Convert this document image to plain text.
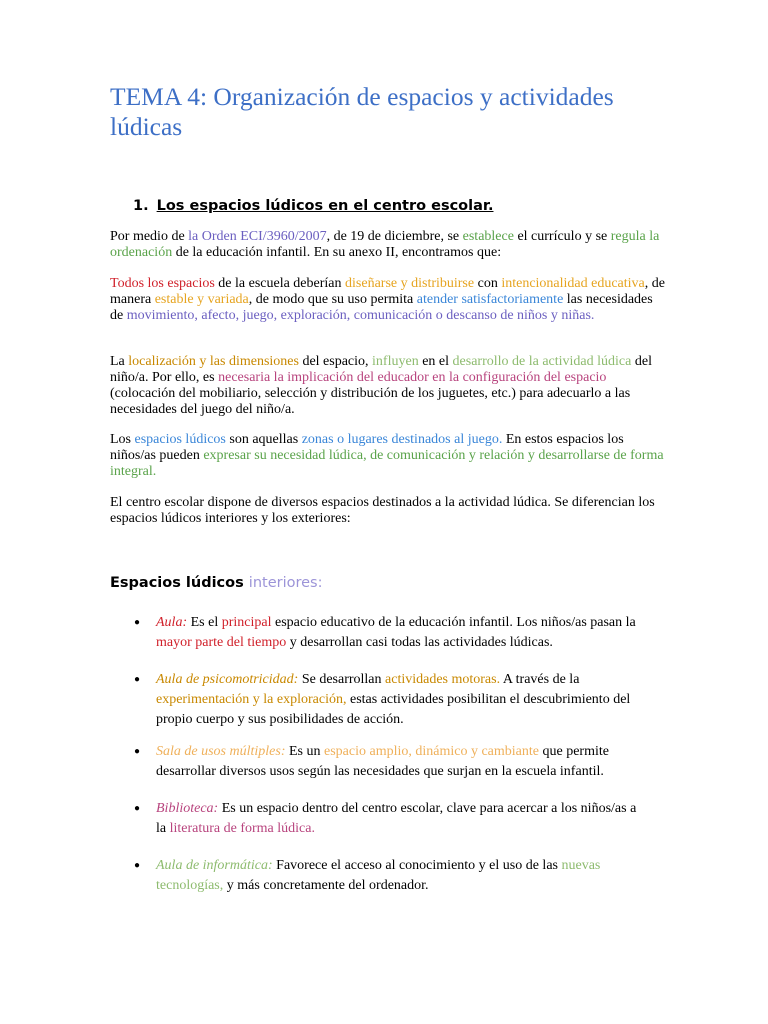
TEMA 4: Organización de espacios y actividades lúdicas
1. Los espacios lúdicos en el centro escolar.

Por medio de la Orden ECI/3960/2007, de 19 de diciembre, se establece el currículo y se regula la ordenación de la educación infantil. En su anexo II, encontramos que:

Todos los espacios de la escuela deberían diseñarse y distribuirse con intencionalidad educativa, de manera estable y variada, de modo que su uso permita atender satisfactoriamente las necesidades de movimiento, afecto, juego, exploración, comunicación o descanso de niños y niñas.

La localización y las dimensiones del espacio, influyen en el desarrollo de la actividad lúdica del niño/a. Por ello, es necesaria la implicación del educador en la configuración del espacio (colocación del mobiliario, selección y distribución de los juguetes, etc.) para adecuarlo a las necesidades del juego del niño/a.

Los espacios lúdicos son aquellas zonas o lugares destinados al juego. En estos espacios los niños/as pueden expresar su necesidad lúdica, de comunicación y relación y desarrollarse de forma integral.

El centro escolar dispone de diversos espacios destinados a la actividad lúdica. Se diferencian los espacios lúdicos interiores y los exteriores:

Espacios lúdicos interiores:
● Aula: Es el principal espacio educativo de la educación infantil. Los niños/as pasan la mayor parte del tiempo y desarrollan casi todas las actividades lúdicas.
● Aula de psicomotricidad: Se desarrollan actividades motoras. A través de la experimentación y la exploración, estas actividades posibilitan el descubrimiento del propio cuerpo y sus posibilidades de acción.
● Sala de usos múltiples: Es un espacio amplio, dinámico y cambiante que permite desarrollar diversos usos según las necesidades que surjan en la escuela infantil.
● Biblioteca: Es un espacio dentro del centro escolar, clave para acercar a los niños/as a la literatura de forma lúdica.
● Aula de informática: Favorece el acceso al conocimiento y el uso de las nuevas tecnologías, y más concretamente del ordenador.
